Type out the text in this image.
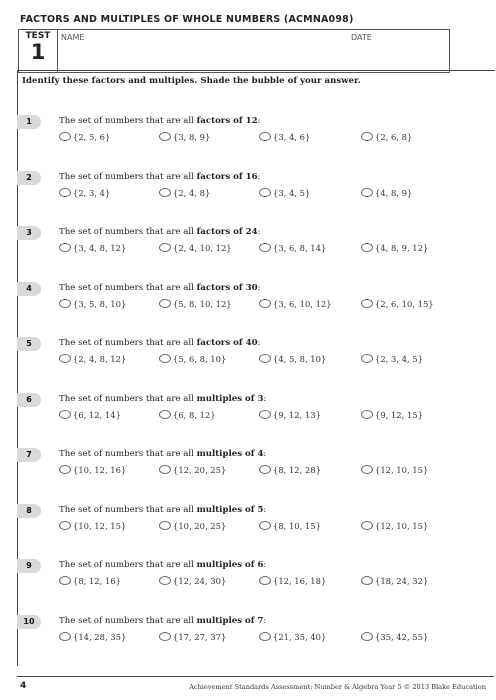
FACTORS AND MULTIPLES OF WHOLE NUMBERS (ACMNA098)
TEST
1
NAME	DATE
Identify these factors and multiples. Shade the bubble of your answer.
1	The set of numbers that are all factors of 12:
{2, 5, 6}	{3, 8, 9}	{3, 4, 6}	{2, 6, 8}
2	The set of numbers that are all factors of 16:
{2, 3, 4}	{2, 4, 8}	{3, 4, 5}	{4, 8, 9}
3	The set of numbers that are all factors of 24:
{3, 4, 8, 12}	{2, 4, 10, 12}	{3, 6, 8, 14}	{4, 8, 9, 12}
4	The set of numbers that are all factors of 30:
{3, 5, 8, 10}	{5, 8, 10, 12}	{3, 6, 10, 12}	{2, 6, 10, 15}
5	The set of numbers that are all factors of 40:
{2, 4, 8, 12}	{5, 6, 8, 10}	{4, 5, 8, 10}	{2, 3, 4, 5}
6	The set of numbers that are all multiples of 3:
{6, 12, 14}	{6, 8, 12}	{9, 12, 13}	{9, 12, 15}
7	The set of numbers that are all multiples of 4:
{10, 12, 16}	{12, 20, 25}	{8, 12, 28}	{12, 10, 15}
8	The set of numbers that are all multiples of 5:
{10, 12, 15}	{10, 20, 25}	{8, 10, 15}	{12, 10, 15}
9	The set of numbers that are all multiples of 6:
{8, 12, 16}	{12, 24, 30}	{12, 16, 18}	{18, 24, 32}
10	The set of numbers that are all multiples of 7:
{14, 28, 35}	{17, 27, 37}	{21, 35, 40}	{35, 42, 55}
4	Achievement Standards Assessment: Number & Algebra Year 5 © 2013 Blake Education
